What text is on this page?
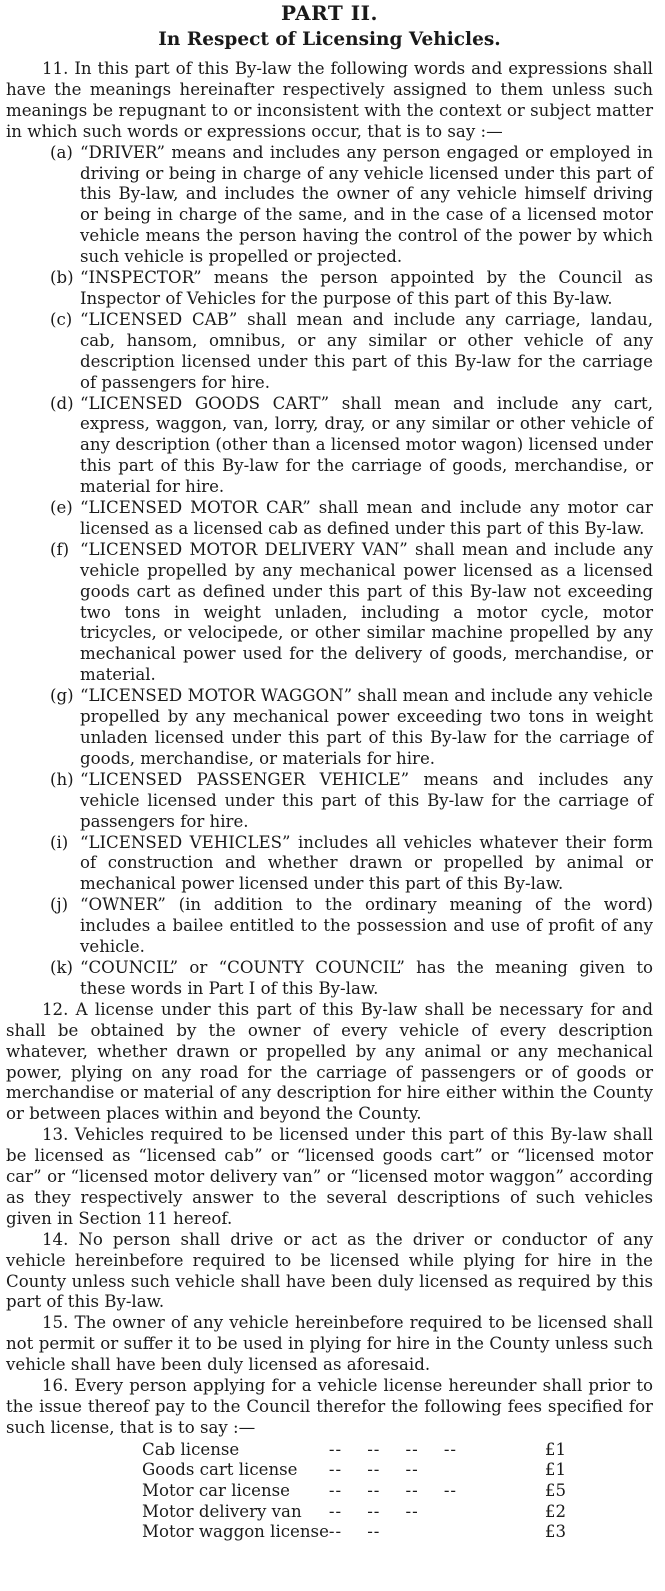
PART II.
In Respect of Licensing Vehicles.

11. In this part of this By-law the following words and expressions shall have the meanings hereinafter respectively assigned to them unless such meanings be repugnant to or inconsistent with the context or subject matter in which such words or expressions occur, that is to say :—

(a) “DRIVER” means and includes any person engaged or employed in driving or being in charge of any vehicle licensed under this part of this By-law, and includes the owner of any vehicle himself driving or being in charge of the same, and in the case of a licensed motor vehicle means the person having the control of the power by which such vehicle is propelled or projected.
(b) “INSPECTOR” means the person appointed by the Council as Inspector of Vehicles for the purpose of this part of this By-law.
(c) “LICENSED CAB” shall mean and include any carriage, landau, cab, hansom, omnibus, or any similar or other vehicle of any description licensed under this part of this By-law for the carriage of passengers for hire.
(d) “LICENSED GOODS CART” shall mean and include any cart, express, waggon, van, lorry, dray, or any similar or other vehicle of any description (other than a licensed motor wagon) licensed under this part of this By-law for the carriage of goods, merchandise, or material for hire.
(e) “LICENSED MOTOR CAR” shall mean and include any motor car licensed as a licensed cab as defined under this part of this By-law.
(f) “LICENSED MOTOR DELIVERY VAN” shall mean and include any vehicle propelled by any mechanical power licensed as a licensed goods cart as defined under this part of this By-law not exceeding two tons in weight unladen, including a motor cycle, motor tricycles, or velocipede, or other similar machine propelled by any mechanical power used for the delivery of goods, merchandise, or material.
(g) “LICENSED MOTOR WAGGON” shall mean and include any vehicle propelled by any mechanical power exceeding two tons in weight unladen licensed under this part of this By-law for the carriage of goods, merchandise, or materials for hire.
(h) “LICENSED PASSENGER VEHICLE” means and includes any vehicle licensed under this part of this By-law for the carriage of passengers for hire.
(i) “LICENSED VEHICLES” includes all vehicles whatever their form of construction and whether drawn or propelled by animal or mechanical power licensed under this part of this By-law.
(j) “OWNER” (in addition to the ordinary meaning of the word) includes a bailee entitled to the possession and use of profit of any vehicle.
(k) “COUNCIL” or “COUNTY COUNCIL” has the meaning given to these words in Part I of this By-law.

12. A license under this part of this By-law shall be necessary for and shall be obtained by the owner of every vehicle of every description whatever, whether drawn or propelled by any animal or any mechanical power, plying on any road for the carriage of passengers or of goods or merchandise or material of any description for hire either within the County or between places within and beyond the County.

13. Vehicles required to be licensed under this part of this By-law shall be licensed as “licensed cab” or “licensed goods cart” or “licensed motor car” or “licensed motor delivery van” or “licensed motor waggon” according as they respectively answer to the several descriptions of such vehicles given in Section 11 hereof.

14. No person shall drive or act as the driver or conductor of any vehicle hereinbefore required to be licensed while plying for hire in the County unless such vehicle shall have been duly licensed as required by this part of this By-law.

15. The owner of any vehicle hereinbefore required to be licensed shall not permit or suffer it to be used in plying for hire in the County unless such vehicle shall have been duly licensed as aforesaid.

16. Every person applying for a vehicle license hereunder shall prior to the issue thereof pay to the Council therefor the following fees specified for such license, that is to say :—

Cab license	--    --    --    --	£1
Goods cart license	--    --    --	£1
Motor car license	--    --    --    --	£5
Motor delivery van	--    --    --	£2
Motor waggon license	--    --	£3
